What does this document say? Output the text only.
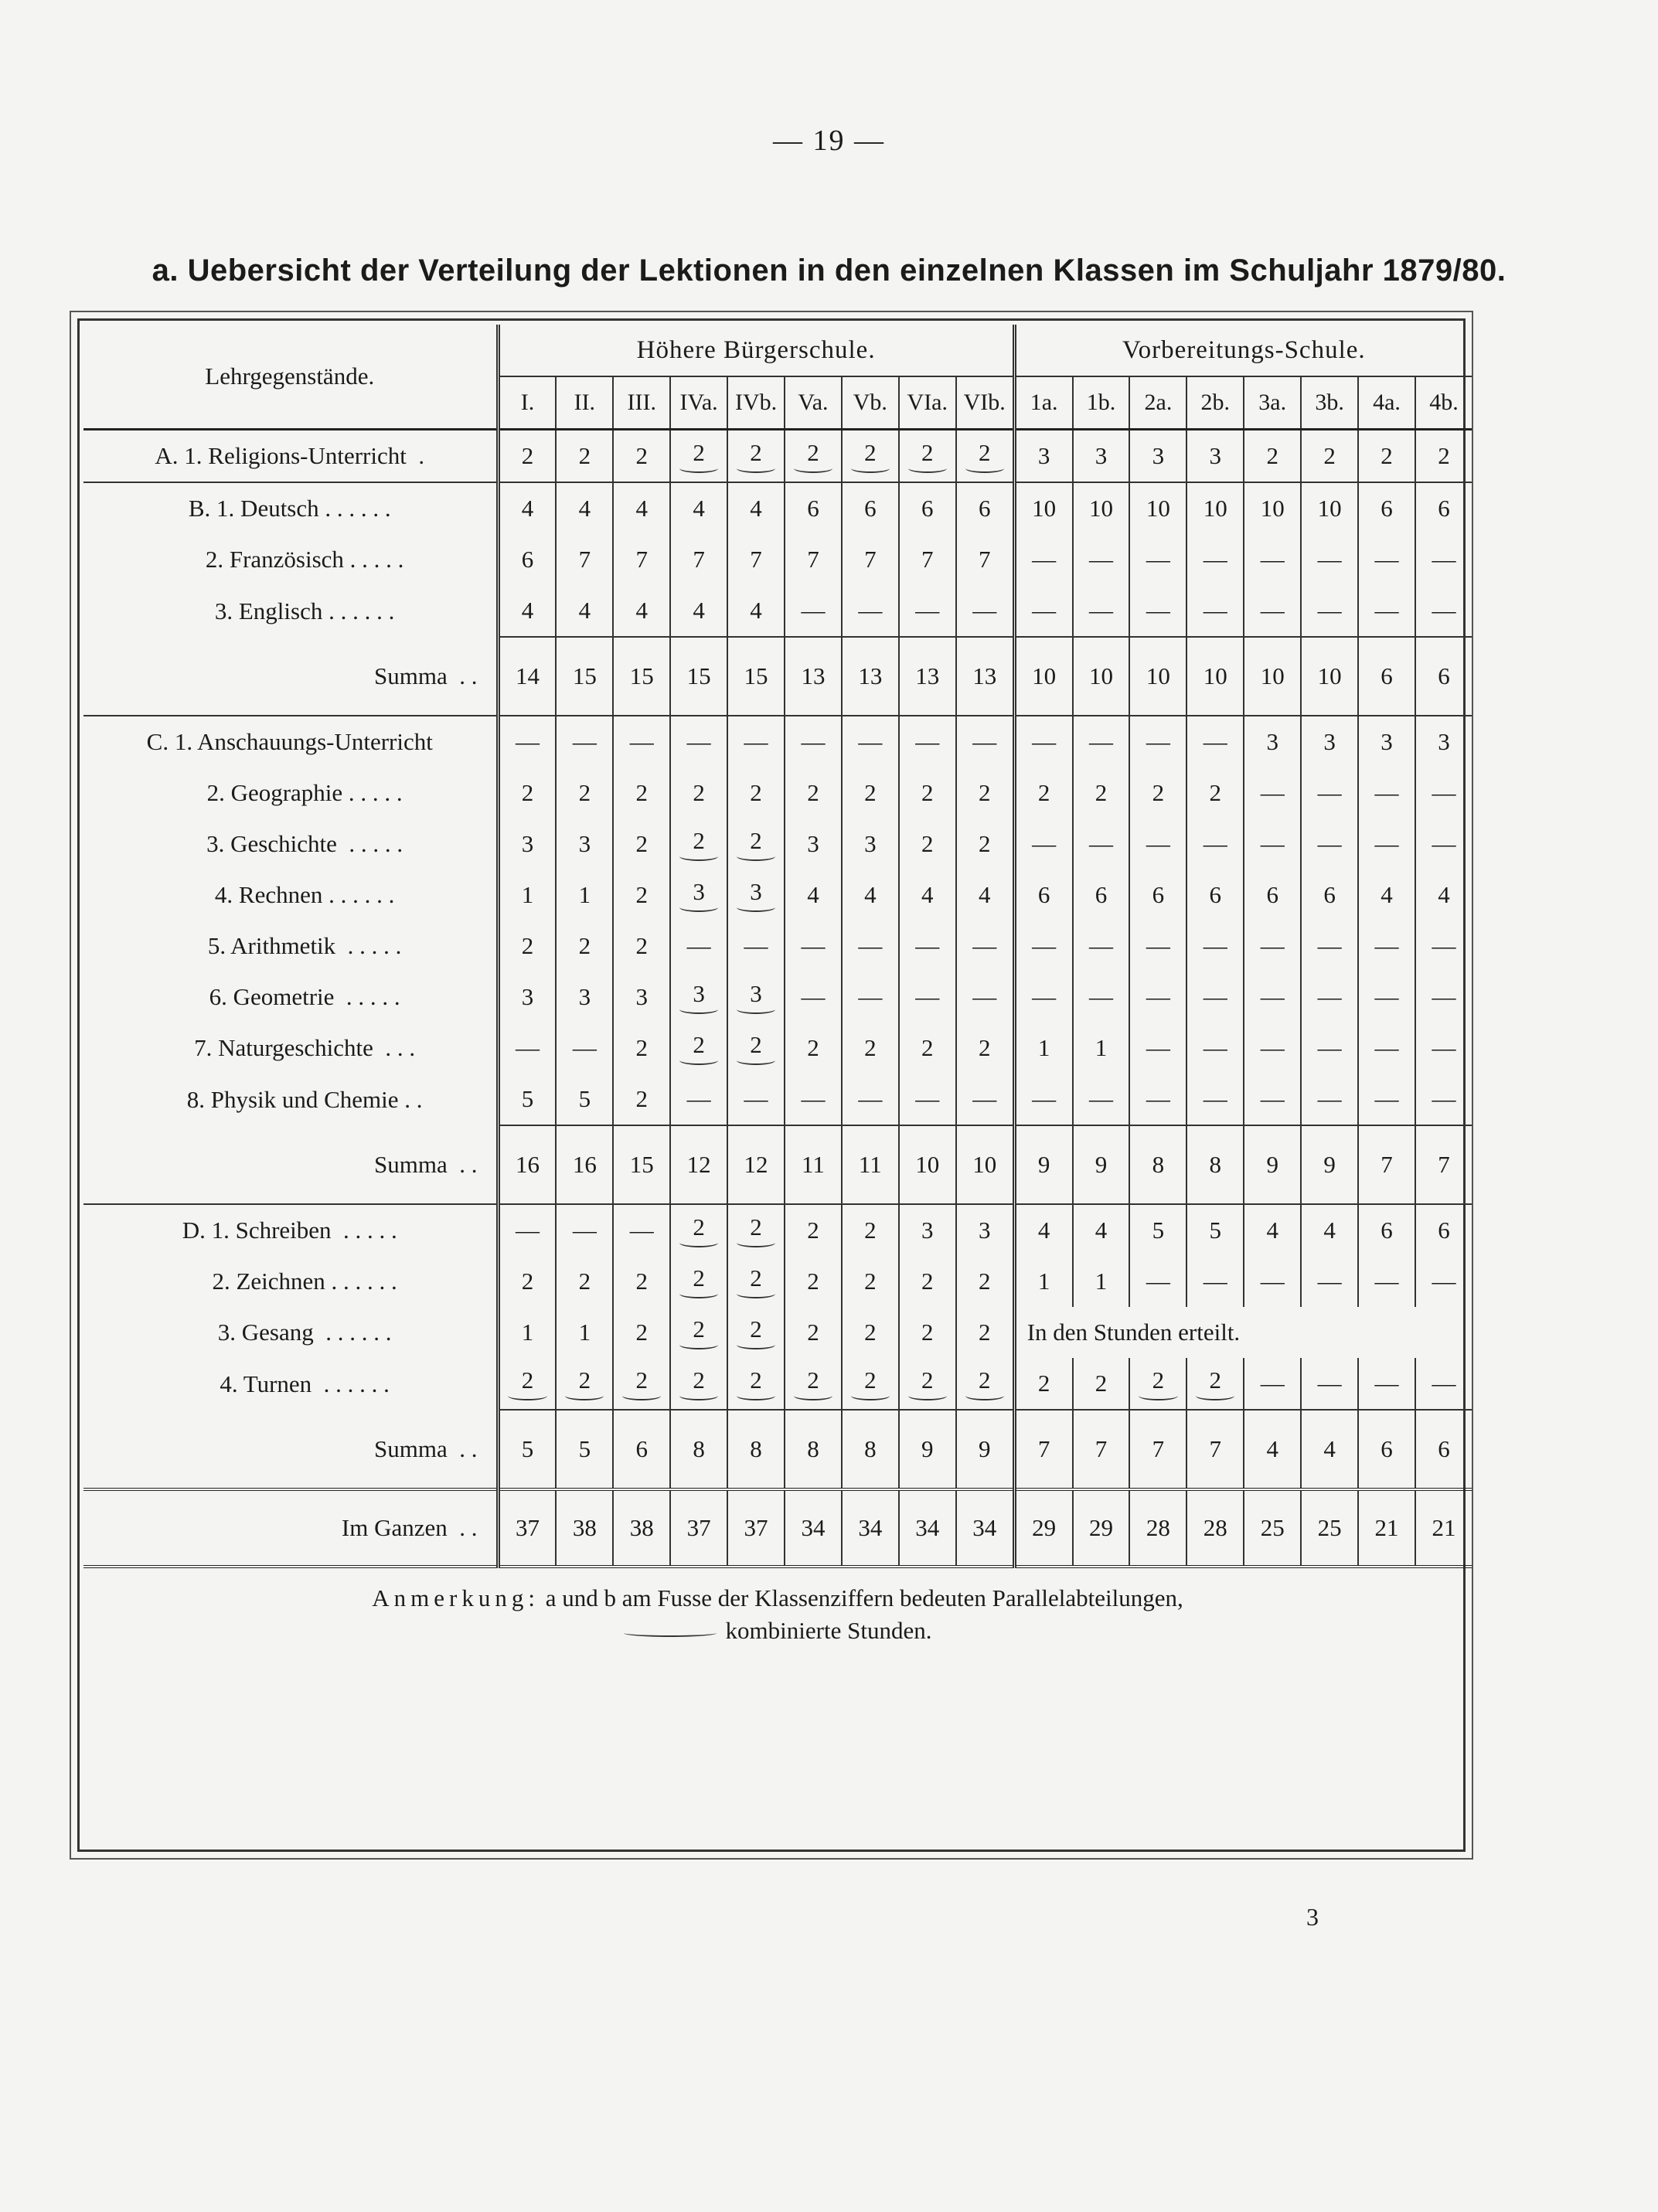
— 19 —
a. Uebersicht der Verteilung der Lektionen in den einzelnen Klassen im Schuljahr 1879/80.
Lehrgegenstände.	Höhere Bürgerschule.									Vorbereitungs-Schule.							
	I.	II.	III.	IVa.	IVb.	Va.	Vb.	VIa.	VIb.	1a.	1b.	2a.	2b.	3a.	3b.	4a.	4b.
A. 1. Religions-Unterricht  .	2	2	2	2	2	2	2	2	2	3	3	3	3	2	2	2	2
B. 1. Deutsch . . . . . .	4	4	4	4	4	6	6	6	6	10	10	10	10	10	10	6	6
2. Französisch . . . . .	6	7	7	7	7	7	7	7	7	—	—	—	—	—	—	—	—
3. Englisch . . . . . .	4	4	4	4	4	—	—	—	—	—	—	—	—	—	—	—	—
Summa  . .	14	15	15	15	15	13	13	13	13	10	10	10	10	10	10	6	6
C. 1. Anschauungs-Unterricht	—	—	—	—	—	—	—	—	—	—	—	—	—	3	3	3	3
2. Geographie . . . . .	2	2	2	2	2	2	2	2	2	2	2	2	2	—	—	—	—
3. Geschichte  . . . . .	3	3	2	2	2	3	3	2	2	—	—	—	—	—	—	—	—
4. Rechnen . . . . . .	1	1	2	3	3	4	4	4	4	6	6	6	6	6	6	4	4
5. Arithmetik  . . . . .	2	2	2	—	—	—	—	—	—	—	—	—	—	—	—	—	—
6. Geometrie  . . . . .	3	3	3	3	3	—	—	—	—	—	—	—	—	—	—	—	—
7. Naturgeschichte  . . .	—	—	2	2	2	2	2	2	2	1	1	—	—	—	—	—	—
8. Physik und Chemie . .	5	5	2	—	—	—	—	—	—	—	—	—	—	—	—	—	—
Summa  . .	16	16	15	12	12	11	11	10	10	9	9	8	8	9	9	7	7
D. 1. Schreiben  . . . . .	—	—	—	2	2	2	2	3	3	4	4	5	5	4	4	6	6
2. Zeichnen . . . . . .	2	2	2	2	2	2	2	2	2	1	1	—	—	—	—	—	—
3. Gesang  . . . . . .	1	1	2	2	2	2	2	2	2	In den Stunden erteilt.							
4. Turnen  . . . . . .	2	2	2	2	2	2	2	2	2	2	2	2	2	—	—	—	—
Summa  . .	5	5	6	8	8	8	8	9	9	7	7	7	7	4	4	6	6
Im Ganzen  . .	37	38	38	37	37	34	34	34	34	29	29	28	28	25	25	21	21
Anmerkung: a und b am Fusse der Klassenziffern bedeuten Parallelabteilungen,
kombinierte Stunden.																	
3
